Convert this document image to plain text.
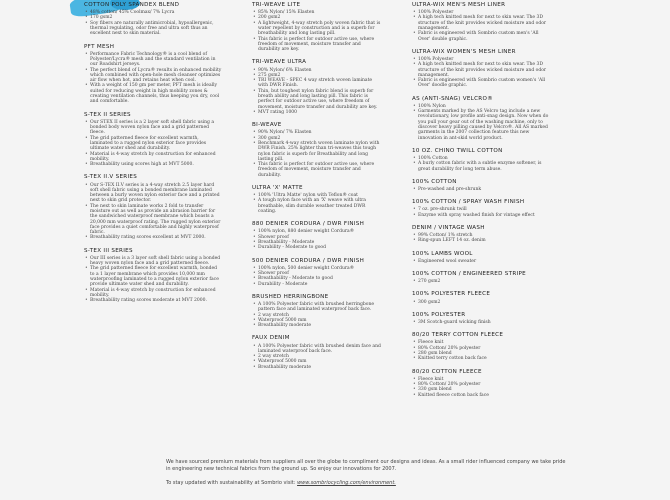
COTTON POLY SPANDEX BLEND
• 48% cotton/ 45% Coolmax/ 7% Lycra
• 170 gsm2
• Soy fibers are naturally antimicrobial, hypoallergenic, thermal regulating, odor free and ultra soft thus an excellent next to skin material.
PFT MESH
• Performance Fabric Technology® is a cool blend of Polyester/Lycra® mesh and the standard ventilation in our Roadshirt jerseys.
• The perfect blend of Lycra® results in enhanced mobility which combined with open-hole mesh cleanser optimizes air flow when hot, and retains heat when cool.
• With a weight of 150 gm per meter, PFT mesh is ideally suited for reducing weight in high mobility zones & creating ventilation channels, thus keeping you dry, cool and comfortable.
S-TEX II SERIES
• Our STEX II series is a 2 layer soft shell fabric using a bonded body woven nylon face and a grid patterned fleece.
• The grid patterned fleece for excellent warmth, laminated to a rugged nylon exterior face provides ultimate water shed and durability.
• Material is 4-way stretch by construction for enhanced mobility.
• Breathability using scores high at MVT 5000.
S-TEX II.V SERIES
• Our S-TEX II.V series is a 4-way stretch 2.5 layer hard soft shell fabric using a bonded membrane laminated between a burly woven nylon exterior face and a printed next to skin grid protector.
• The next to skin laminate works 2 fold to transfer moisture out as well as provide an abrasion barrier for the sandwiched waterproof membrane which boasts a 20,000 mm waterproof rating. The rugged nylon exterior face provides a quiet comfortable and highly waterproof fabric.
• Breathability rating scores excellent at MVT 2000.
S-TEX III SERIES
• Our III series is a 3 layer soft shell fabric using a bonded heavy woven nylon face and a grid patterned fleece.
• The grid patterned fleece for excellent warmth, bonded to a 1 layer membrane which provides 10,000 mm waterproofing laminated to a rugged nylon exterior face provide ultimate water shed and durability.
• Material is 4-way stretch by construction for enhanced mobility.
• Breathability rating scores moderate at MVT 2000.
TRI-WEAVE LITE
• 85% Nylon/ 15% Elasten
• 200 gsm2
• A lightweight, 4-way stretch poly woven fabric that is water repellent by construction and is a superb for breathability and long lasting pill.
• This fabric is perfect for outdoor active use, where freedom of movement, moisture transfer and durability are key.
TRI-WEAVE ULTRA
• 90% Nylon/ 6% Elasten
• 275 gsm2
• TRI WEAVE - SPEC 4 way stretch woven laminate with DWR Finish.
• Thin, but toughest nylon fabric blend is superb for breath ability and long lasting pill. This fabric is perfect for outdoor active use, where freedom of movement, moisture transfer and durability are key.
• MVT rating 1000
BI-WEAVE
• 90% Nylon/ 7% Elasten
• 300 gsm2
• Benchmark 4-way stretch woven laminate nylon with DWR Finish. 25% lighter than tri-weaves this tough nylon fabric is superb for Breathability and long lasting pill.
• This fabric is perfect for outdoor active use, where freedom of movement, moisture transfer and durability.
ULTRA 'X' MATTE
• 100% 'Ultra Matte' nylon with Teflon® coat
• A tough nylon face with an 'X' weave with ultra breathable, slim durable weather treated DWR coating.
880 DENIER CORDURA / DWR FINISH
• 100% nylon, 880 denier weight Cordura®
• Shower proof
• Breathability - Moderate
• Durability - Moderate to good
500 DENIER CORDURA / DWR FINISH
• 100% nylon, 500 denier weight Cordura®
• Shower proof
• Breathability - Moderate to good
• Durability - Moderate
BRUSHED HERRINGBONE
• A 100% Polyester fabric with brushed herringbone pattern face and laminated waterproof back face.
• 2 way stretch
• Waterproof 5000 mm
• Breathability moderate
FAUX DENIM
• A 100% Polyester fabric with brushed denim face and laminated waterproof back face.
• 2 way stretch
• Waterproof 5000 mm
• Breathability moderate
ULTRA-WIX MEN'S MESH LINER
• 100% Polyester
• A high tech knitted mesh for next to skin wear. The 3D structure of the knit provides wicked moisture and odor management.
• Fabric is engineered with Sombrio custom men's 'All Over' double graphic.
ULTRA-WIX WOMEN'S MESH LINER
• 100% Polyester
• A high tech knitted mesh for next to skin wear. The 3D structure of the knit provides wicked moisture and odor management.
• Fabric is engineered with Sombrio custom women's 'All Over' doodle graphic.
AS (ANTI-SNAG) VELCRO®
• 100% Nylon
• Garments marked by the AS Velcro tag include a new revolutionary, low profile anti-snag design. Now when do you pull your gear out of the washing machine, only to discover heavy pilling caused by Velcro®. All AS marked garments in the 2007 collection feature this new innovation in ant-skid world product.
10 OZ. CHINO TWILL COTTON
• 100% Cotton
• A burly cotton fabric with a subtle enzyme softener, is great durability for long term abuse.
100% COTTON
• Pre-washed and pre-shrunk
100% COTTON / SPRAY WASH FINISH
• 7 oz. pre-shrunk twill
• Enzyme with spray washed finish for vintage effect
DENIM / VINTAGE WASH
• 99% Cotton/ 1% stretch
• Ring-spun LEFT 14 oz. denim
100% LAMBS WOOL
• Engineered wool sweater
100% COTTON / ENGINEERED STRIPE
• 270 gsm2
100% POLYESTER FLEECE
• 300 gsm2
100% POLYESTER
• 3M Scotch-guard wicking finish
80/20 TERRY COTTON FLEECE
• Fleece knit
• 80% Cotton/ 20% polyester
• 280 gsm blend
• Knitted terry cotton back face
80/20 COTTON FLEECE
• Fleece knit
• 80% Cotton/ 20% polyester
• 330 gsm blend
• Knitted fleece cotton back face

We have sourced premium materials from suppliers all over the globe to compliment our designs and ideas. As a small rider influenced company we take pride in engineering new technical fabrics from the ground up. So enjoy our innovations for 2007.

To stay updated with sustainability at Sombrio visit: www.sombriocycling.com/environment.
